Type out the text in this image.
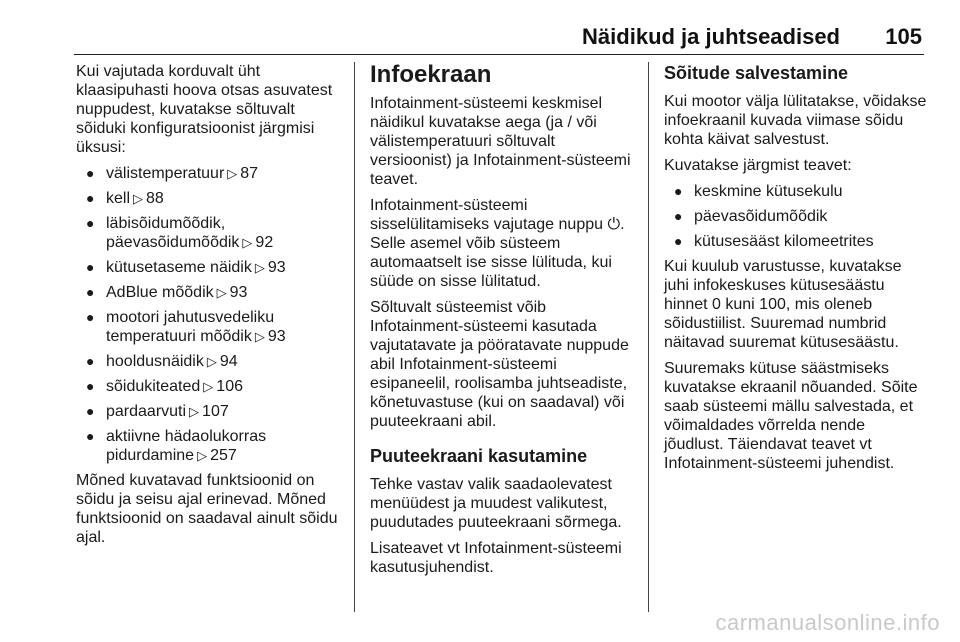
Näidikud ja juhtseadised 105

Kui vajutada korduvalt üht klaasipuhasti hoova otsas asuvatest nuppudest, kuvatakse sõltuvalt sõiduki konfiguratsioonist järgmisi üksusi:

● välistemperatuur ▷ 87
● kell ▷ 88
● läbisõidumõõdik, päevasõidumõõdik ▷ 92
● kütusetaseme näidik ▷ 93
● AdBlue mõõdik ▷ 93
● mootori jahutusvedeliku temperatuuri mõõdik ▷ 93
● hooldusnäidik ▷ 94
● sõidukiteated ▷ 106
● pardaarvuti ▷ 107
● aktiivne hädaolukorras pidurdamine ▷ 257

Mõned kuvatavad funktsioonid on sõidu ja seisu ajal erinevad. Mõned funktsioonid on saadaval ainult sõidu ajal.

Infoekraan

Infotainment-süsteemi keskmisel näidikul kuvatakse aega (ja / või välistemperatuuri sõltuvalt versioonist) ja Infotainment-süsteemi teavet.

Infotainment-süsteemi sisselülitamiseks vajutage nuppu ⏻. Selle asemel võib süsteem automaatselt ise sisse lülituda, kui süüde on sisse lülitatud.

Sõltuvalt süsteemist võib Infotainment-süsteemi kasutada vajutatavate ja pööratavate nuppude abil Infotainment-süsteemi esipaneelil, roolisamba juhtseadiste, kõnetuvastuse (kui on saadaval) või puuteekraani abil.

Puuteekraani kasutamine

Tehke vastav valik saadaolevatest menüüdest ja muudest valikutest, puudutades puuteekraani sõrmega.

Lisateavet vt Infotainment-süsteemi kasutusjuhendist.

Sõitude salvestamine

Kui mootor välja lülitatakse, võidakse infoekraanil kuvada viimase sõidu kohta käivat salvestust.

Kuvatakse järgmist teavet:

● keskmine kütusekulu
● päevasõidumõõdik
● kütusesääst kilomeetrites

Kui kuulub varustusse, kuvatakse juhi infokeskuses kütusesäästu hinnet 0 kuni 100, mis oleneb sõidustiilist. Suuremad numbrid näitavad suuremat kütusesäästu.

Suuremaks kütuse säästmiseks kuvatakse ekraanil nõuanded. Sõite saab süsteemi mällu salvestada, et võimaldades võrrelda nende jõudlust. Täiendavat teavet vt Infotainment-süsteemi juhendist.

carmanualsonline.info
